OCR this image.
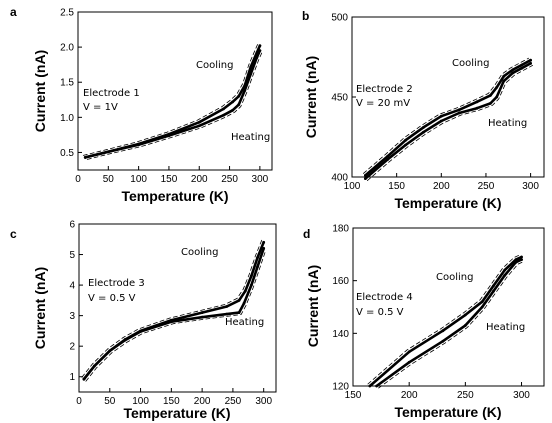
a
0 50 100 150 200 250 300
0.5
1.0
1.5
2.0
2.5
Temperature (K)
Current (nA)	Electrode 1
V = 1V
Cooling
Heating
b
100	150	200	250	300
400
450
500
Temperature (K)
Current (nA)	Electrode 2
V = 20 mV
Cooling
Heating
c
0 50 100 150 200 250 300
1
2
3
4
5
6
Temperature (K)
Current (nA)	Electrode 3
V = 0.5 V
Cooling
Heating
d
150	200	250	300
120
140
160
180
Temperature (K)
Current (nA)	Electrode 4
V = 0.5 V
Cooling
Heating
